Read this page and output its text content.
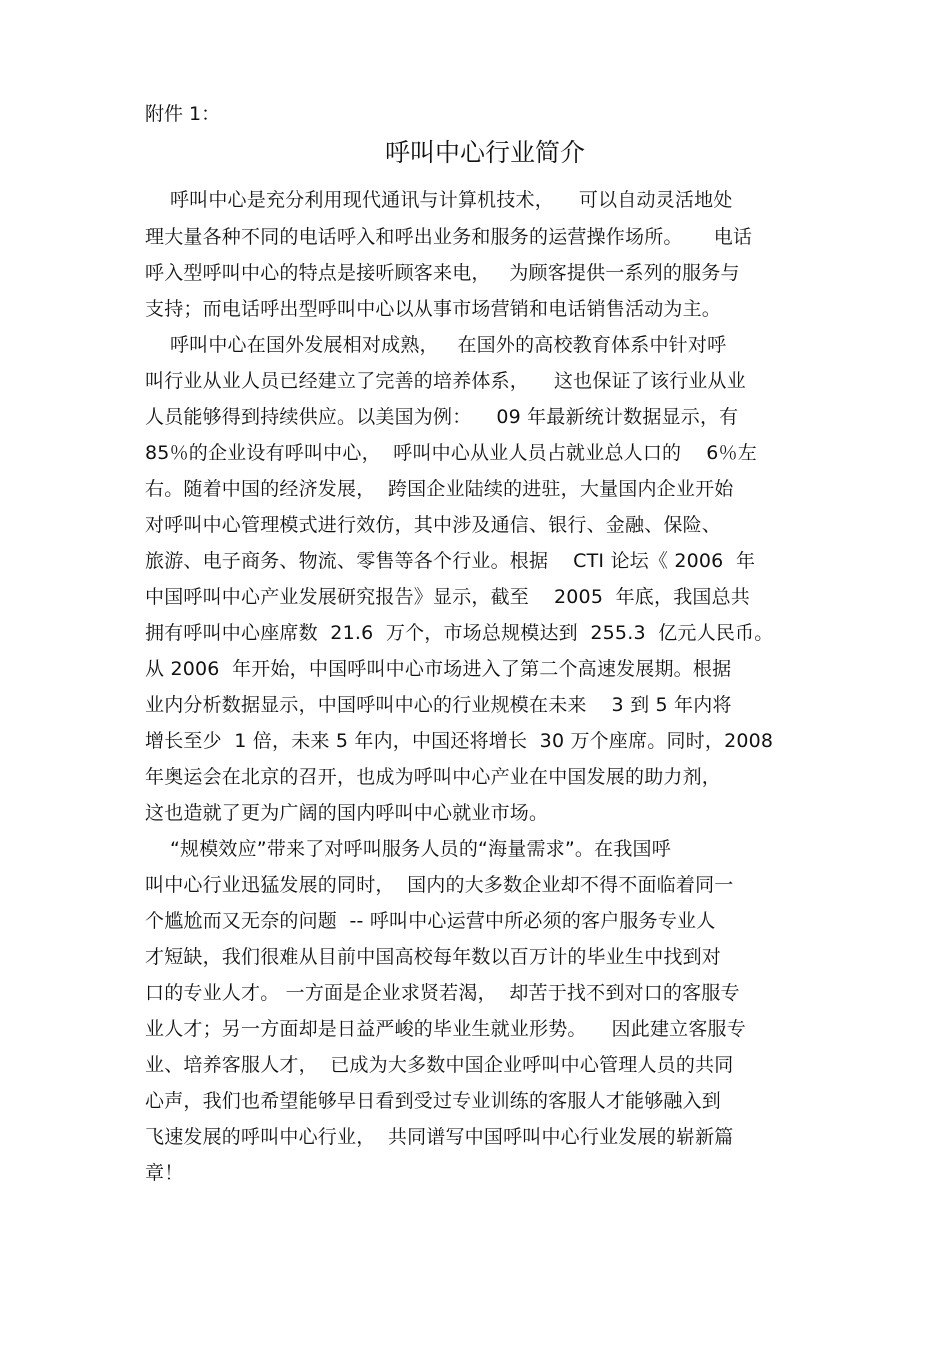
附件 1：
呼叫中心行业简介
呼叫中心是充分利用现代通讯与计算机技术，    可以自动灵活地处
理大量各种不同的电话呼入和呼出业务和服务的运营操作场所。     电话
呼入型呼叫中心的特点是接听顾客来电，   为顾客提供一系列的服务与
支持；而电话呼出型呼叫中心以从事市场营销和电话销售活动为主。
呼叫中心在国外发展相对成熟，   在国外的高校教育体系中针对呼
叫行业从业人员已经建立了完善的培养体系，    这也保证了该行业从业
人员能够得到持续供应。以美国为例：    09 年最新统计数据显示，有
85％的企业设有呼叫中心，  呼叫中心从业人员占就业总人口的    6％左
右。随着中国的经济发展，  跨国企业陆续的进驻，大量国内企业开始
对呼叫中心管理模式进行效仿，其中涉及通信、银行、金融、保险、
旅游、电子商务、物流、零售等各个行业。根据    CTI 论坛《 2006  年
中国呼叫中心产业发展研究报告》显示，截至    2005  年底，我国总共
拥有呼叫中心座席数  21.6  万个，市场总规模达到  255.3  亿元人民币。
从 2006  年开始，中国呼叫中心市场进入了第二个高速发展期。根据
业内分析数据显示，中国呼叫中心的行业规模在未来    3 到 5 年内将
增长至少  1 倍，未来 5 年内，中国还将增长  30 万个座席。同时，2008
年奥运会在北京的召开，也成为呼叫中心产业在中国发展的助力剂，
这也造就了更为广阔的国内呼叫中心就业市场。
“规模效应”带来了对呼叫服务人员的“海量需求”。在我国呼
叫中心行业迅猛发展的同时，  国内的大多数企业却不得不面临着同一
个尴尬而又无奈的问题  -- 呼叫中心运营中所必须的客户服务专业人
才短缺，我们很难从目前中国高校每年数以百万计的毕业生中找到对
口的专业人才。 一方面是企业求贤若渴，  却苦于找不到对口的客服专
业人才；另一方面却是日益严峻的毕业生就业形势。    因此建立客服专
业、培养客服人才，  已成为大多数中国企业呼叫中心管理人员的共同
心声，我们也希望能够早日看到受过专业训练的客服人才能够融入到
飞速发展的呼叫中心行业，  共同谱写中国呼叫中心行业发展的崭新篇
章！
